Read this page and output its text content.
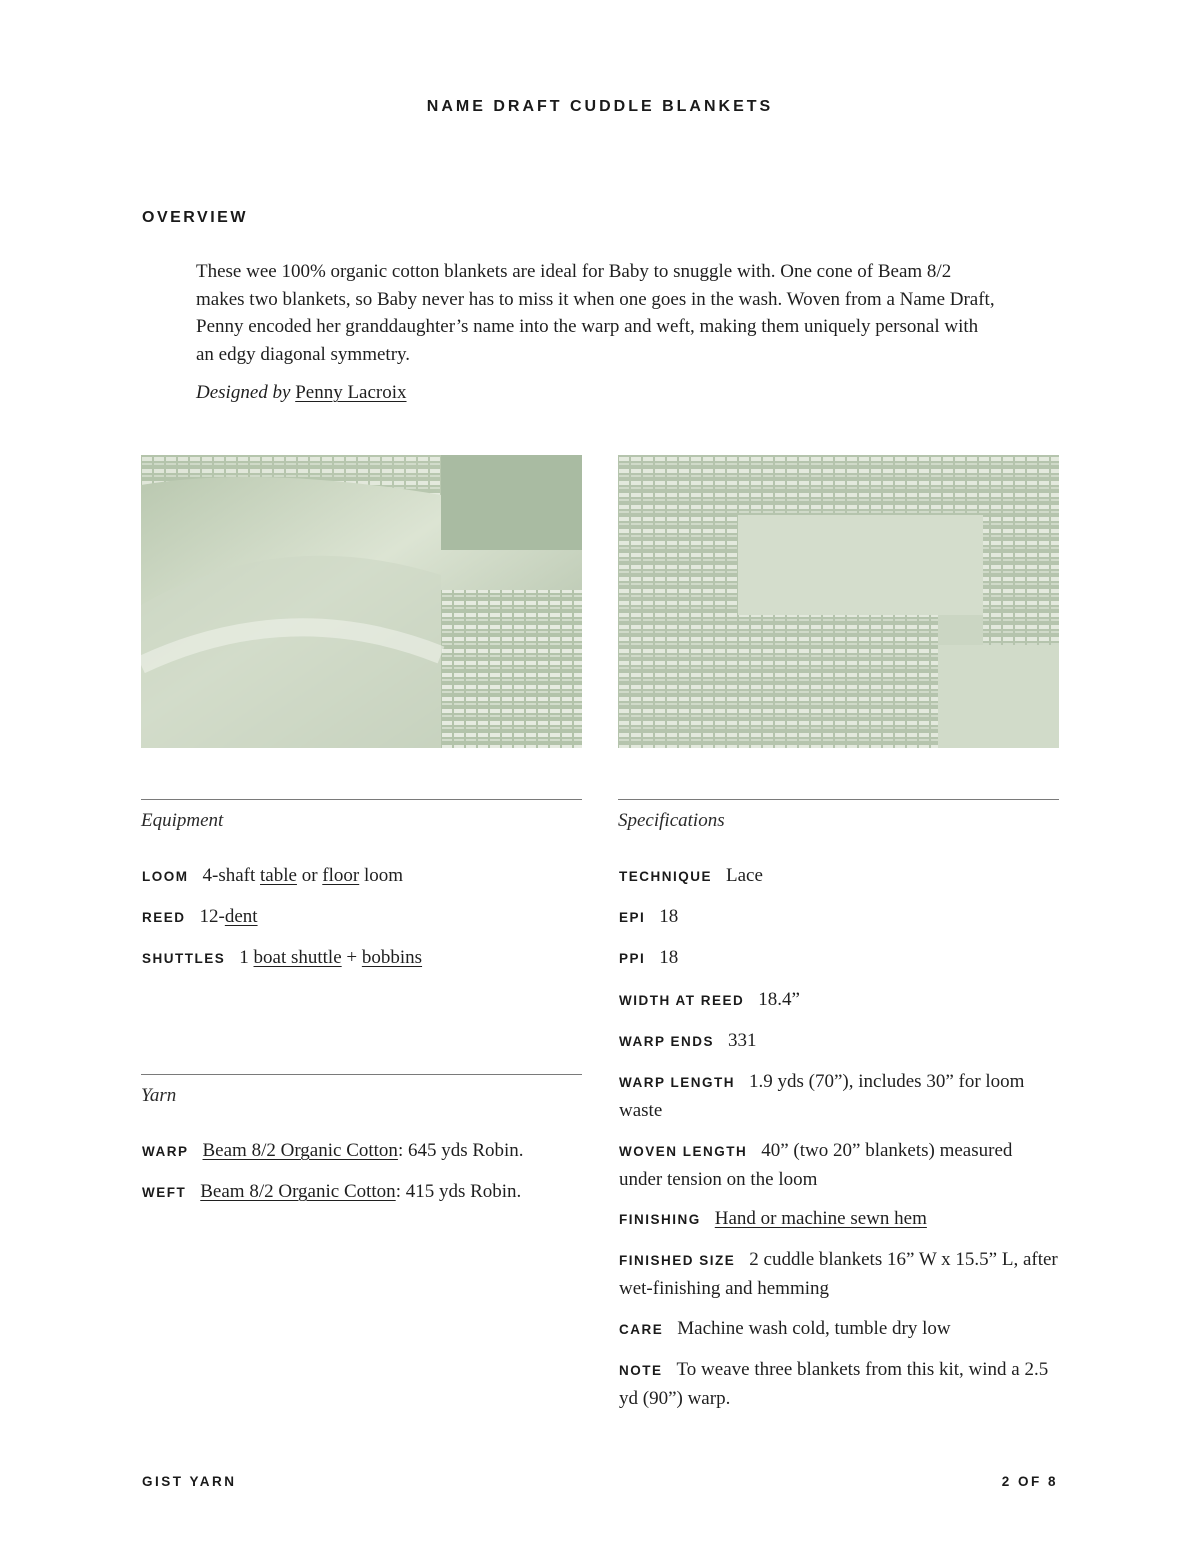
NAME DRAFT CUDDLE BLANKETS
OVERVIEW

These wee 100% organic cotton blankets are ideal for Baby to snuggle with. One cone of Beam 8/2 makes two blankets, so Baby never has to miss it when one goes in the wash. Woven from a Name Draft, Penny encoded her granddaughter’s name into the warp and weft, making them uniquely personal with an edgy diagonal symmetry.

Designed by Penny Lacroix

Equipment

LOOM 4-shaft table or floor loom

REED 12-dent

SHUTTLES 1 boat shuttle + bobbins

Yarn

WARP Beam 8/2 Organic Cotton: 645 yds Robin.

WEFT Beam 8/2 Organic Cotton: 415 yds Robin.

Specifications

TECHNIQUE Lace

EPI 18

PPI 18

WIDTH AT REED 18.4”

WARP ENDS 331

WARP LENGTH 1.9 yds (70”), includes 30” for loom waste

WOVEN LENGTH 40” (two 20” blankets) measured under tension on the loom

FINISHING Hand or machine sewn hem

FINISHED SIZE 2 cuddle blankets 16” W x 15.5” L, after wet-finishing and hemming

CARE Machine wash cold, tumble dry low

NOTE To weave three blankets from this kit, wind a 2.5 yd (90”) warp.

GIST YARN	2 OF 8
